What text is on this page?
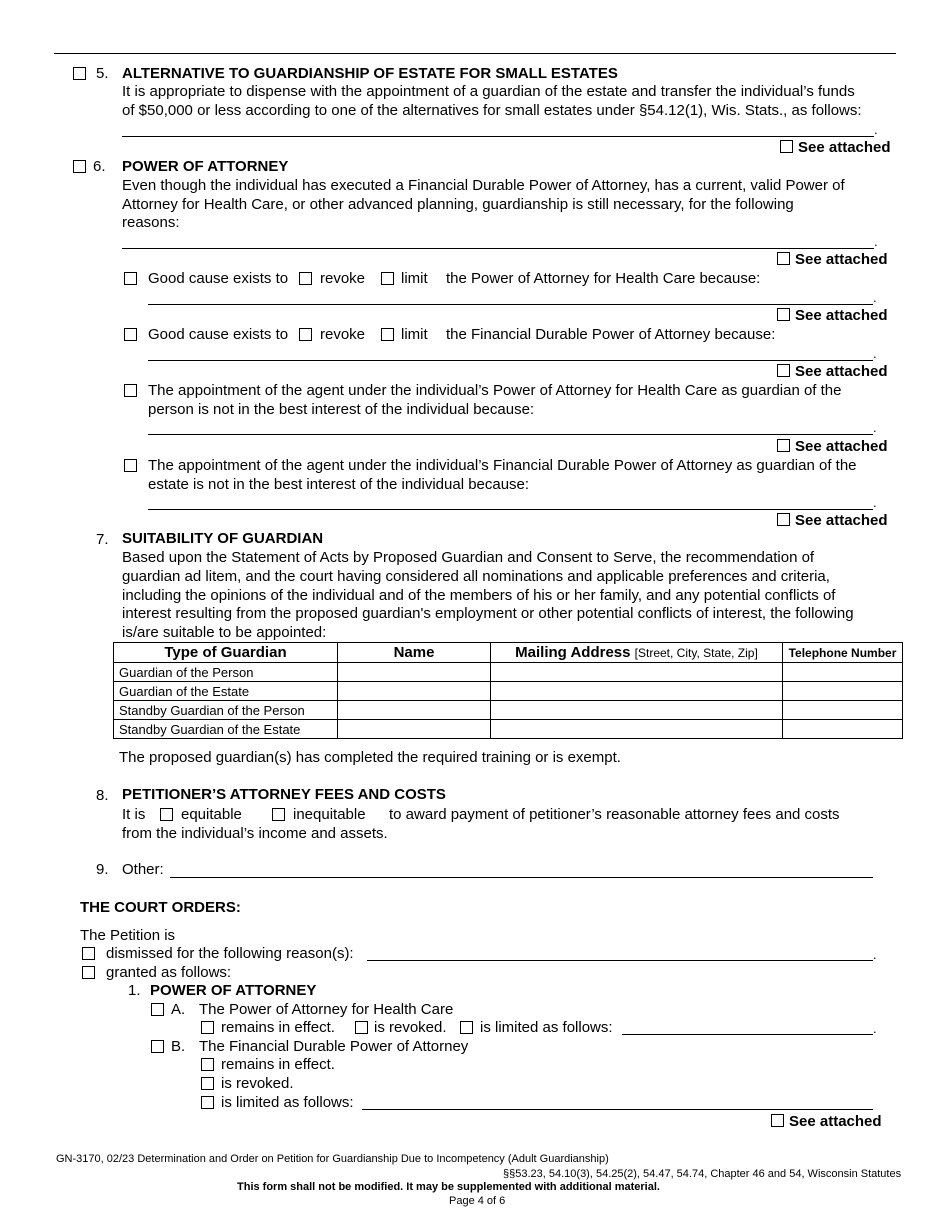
5. ALTERNATIVE TO GUARDIANSHIP OF ESTATE FOR SMALL ESTATES
It is appropriate to dispense with the appointment of a guardian of the estate and transfer the individual’s funds
of $50,000 or less according to one of the alternatives for small estates under §54.12(1), Wis. Stats., as follows:
.
See attached
6. POWER OF ATTORNEY
Even though the individual has executed a Financial Durable Power of Attorney, has a current, valid Power of
Attorney for Health Care, or other advanced planning, guardianship is still necessary, for the following
reasons:
.
See attached
Good cause exists to revoke limit the Power of Attorney for Health Care because:
.
See attached
Good cause exists to revoke limit the Financial Durable Power of Attorney because:
.
See attached
The appointment of the agent under the individual’s Power of Attorney for Health Care as guardian of the
person is not in the best interest of the individual because:
.
See attached
The appointment of the agent under the individual’s Financial Durable Power of Attorney as guardian of the
estate is not in the best interest of the individual because:
.
See attached
7. SUITABILITY OF GUARDIAN
Based upon the Statement of Acts by Proposed Guardian and Consent to Serve, the recommendation of
guardian ad litem, and the court having considered all nominations and applicable preferences and criteria,
including the opinions of the individual and of the members of his or her family, and any potential conflicts of
interest resulting from the proposed guardian's employment or other potential conflicts of interest, the following
is/are suitable to be appointed:
Type of Guardian	Name	Mailing Address [Street, City, State, Zip]	Telephone Number
Guardian of the Person			
Guardian of the Estate			
Standby Guardian of the Person			
Standby Guardian of the Estate			
The proposed guardian(s) has completed the required training or is exempt.
8. PETITIONER’S ATTORNEY FEES AND COSTS
It is equitable	inequitable to award payment of petitioner’s reasonable attorney fees and costs
from the individual’s income and assets.
9. Other:
THE COURT ORDERS:
The Petition is
dismissed for the following reason(s):	.
granted as follows:
1. POWER OF ATTORNEY
A. The Power of Attorney for Health Care
remains in effect.	is revoked. is limited as follows:	.
B. The Financial Durable Power of Attorney
remains in effect.
is revoked.
is limited as follows:
See attached
GN-3170, 02/23 Determination and Order on Petition for Guardianship Due to Incompetency (Adult Guardianship)
§§53.23, 54.10(3), 54.25(2), 54.47, 54.74, Chapter 46 and 54, Wisconsin Statutes
This form shall not be modified. It may be supplemented with additional material.
Page 4 of 6
